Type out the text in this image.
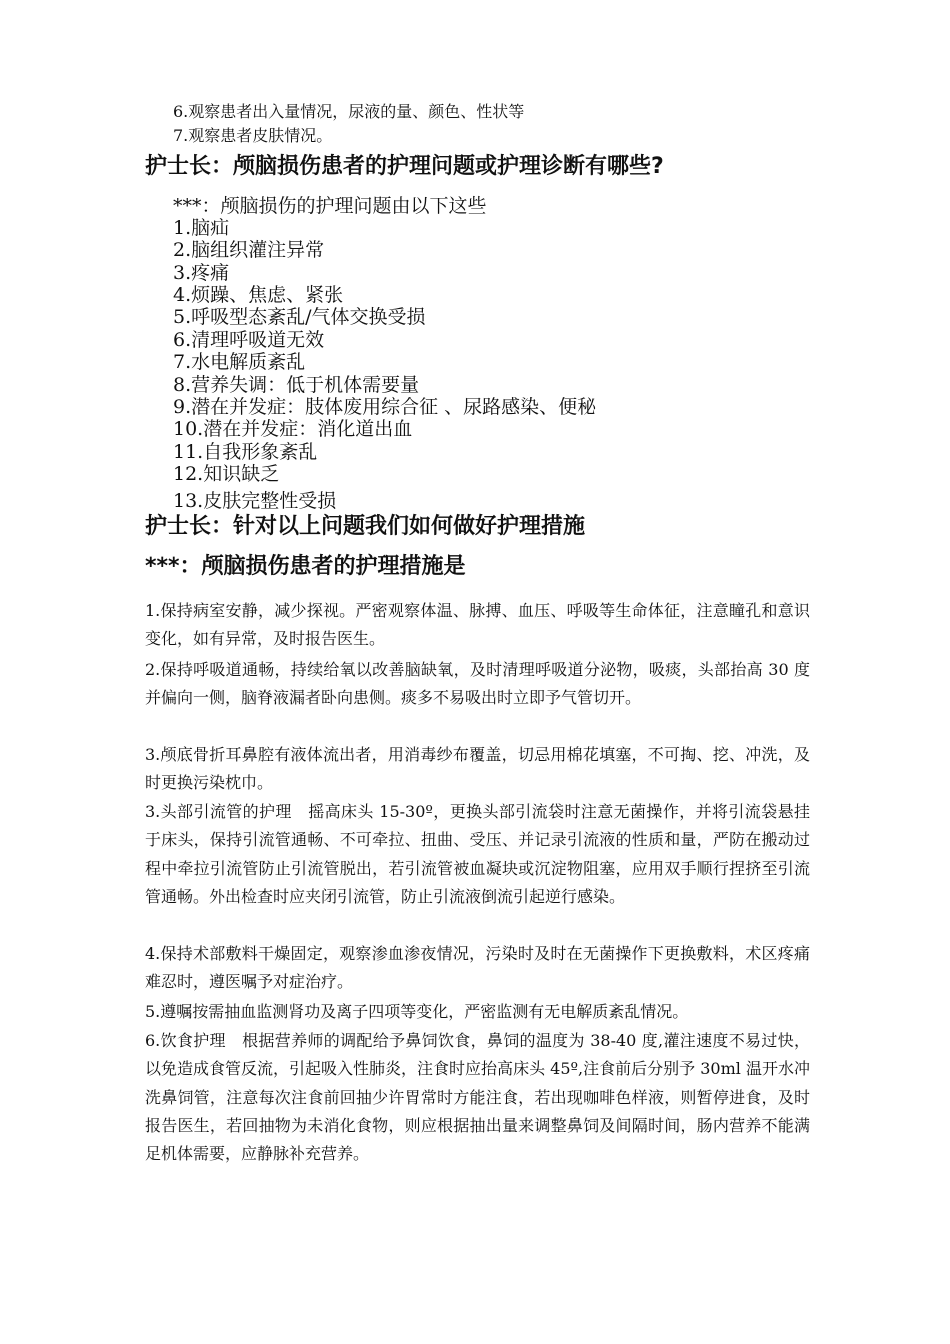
6.观察患者出入量情况，尿液的量、颜色、性状等
7.观察患者皮肤情况。
护士长：颅脑损伤患者的护理问题或护理诊断有哪些?
***：颅脑损伤的护理问题由以下这些
1.脑疝
2.脑组织灌注异常
3.疼痛
4.烦躁、焦虑、紧张
5.呼吸型态紊乱/气体交换受损
6.清理呼吸道无效
7.水电解质紊乱
8.营养失调：低于机体需要量
9.潜在并发症：肢体废用综合征 、尿路感染、便秘
10.潜在并发症：消化道出血
11.自我形象紊乱
12.知识缺乏
13.皮肤完整性受损
护士长：针对以上问题我们如何做好护理措施
***：颅脑损伤患者的护理措施是
1.保持病室安静，减少探视。严密观察体温、脉搏、血压、呼吸等生命体征，注意瞳孔和意识变化，如有异常，及时报告医生。
2.保持呼吸道通畅，持续给氧以改善脑缺氧，及时清理呼吸道分泌物，吸痰，头部抬高 30 度并偏向一侧，脑脊液漏者卧向患侧。痰多不易吸出时立即予气管切开。
3.颅底骨折耳鼻腔有液体流出者，用消毒纱布覆盖，切忌用棉花填塞，不可掏、挖、冲洗，及时更换污染枕巾。
3.头部引流管的护理　摇高床头 15-30º，更换头部引流袋时注意无菌操作，并将引流袋悬挂于床头，保持引流管通畅、不可牵拉、扭曲、受压、并记录引流液的性质和量，严防在搬动过程中牵拉引流管防止引流管脱出，若引流管被血凝块或沉淀物阻塞，应用双手顺行捏挤至引流管通畅。外出检查时应夹闭引流管，防止引流液倒流引起逆行感染。
4.保持术部敷料干燥固定，观察渗血渗夜情况，污染时及时在无菌操作下更换敷料，术区疼痛难忍时，遵医嘱予对症治疗。
5.遵嘱按需抽血监测肾功及离子四项等变化，严密监测有无电解质紊乱情况。
6.饮食护理　根据营养师的调配给予鼻饲饮食，鼻饲的温度为 38-40 度,灌注速度不易过快，以免造成食管反流，引起吸入性肺炎，注食时应抬高床头 45º,注食前后分别予 30ml 温开水冲洗鼻饲管，注意每次注食前回抽少许胃常时方能注食，若出现咖啡色样液，则暂停进食，及时报告医生，若回抽物为未消化食物，则应根据抽出量来调整鼻饲及间隔时间，肠内营养不能满足机体需要，应静脉补充营养。
